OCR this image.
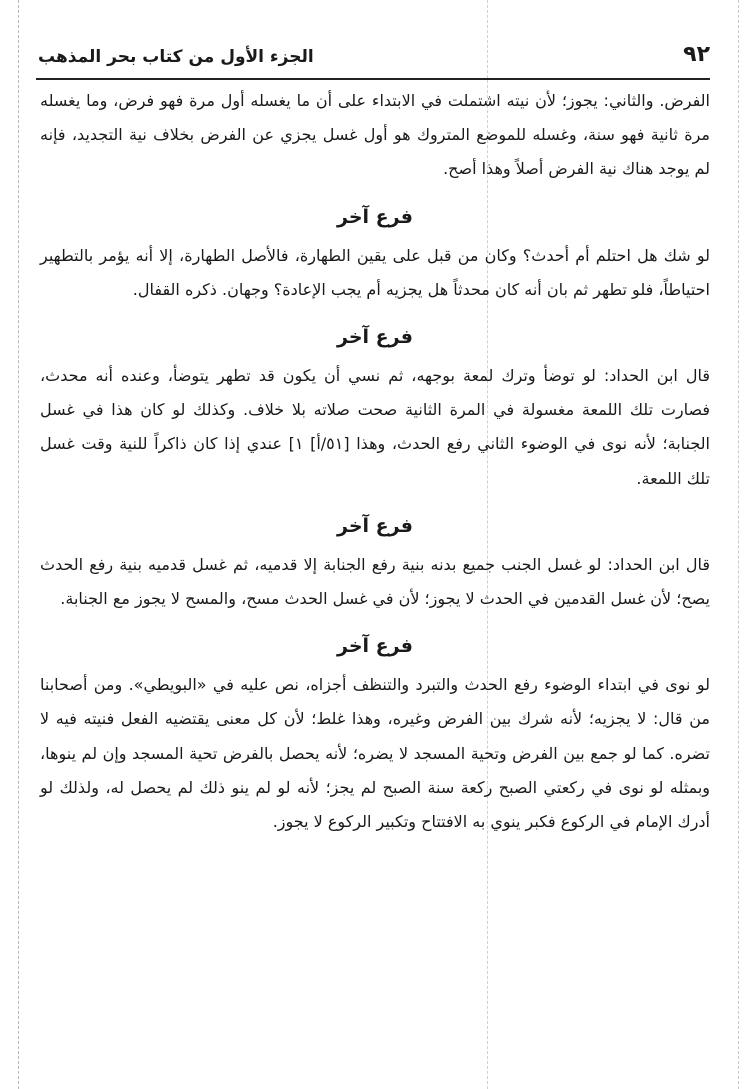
٩٢
الجزء الأول من كتاب بحر المذهب

الفرض. والثاني: يجوز؛ لأن نيته اشتملت في الابتداء على أن ما يغسله أول مرة فهو فرض، وما يغسله مرة ثانية فهو سنة، وغسله للموضع المتروك هو أول غسل يجزي عن الفرض بخلاف نية التجديد، فإنه لم يوجد هناك نية الفرض أصلاً وهذا أصح.

فرع آخر

لو شك هل احتلم أم أحدث؟ وكان من قبل على يقين الطهارة، فالأصل الطهارة، إلا أنه يؤمر بالتطهير احتياطاً، فلو تطهر ثم بان أنه كان محدثاً هل يجزيه أم يجب الإعادة؟ وجهان. ذكره القفال.

فرع آخر

قال ابن الحداد: لو توضأ وترك لمعة بوجهه، ثم نسي أن يكون قد تطهر يتوضأ، وعنده أنه محدث، فصارت تلك اللمعة مغسولة في المرة الثانية صحت صلاته بلا خلاف. وكذلك لو كان هذا في غسل الجنابة؛ لأنه نوى في الوضوء الثاني رفع الحدث، وهذا [٥١/أ] ١] عندي إذا كان ذاكراً للنية وقت غسل تلك اللمعة.

فرع آخر

قال ابن الحداد: لو غسل الجنب جميع بدنه بنية رفع الجنابة إلا قدميه، ثم غسل قدميه بنية رفع الحدث يصح؛ لأن غسل القدمين في الحدث لا يجوز؛ لأن في غسل الحدث مسح، والمسح لا يجوز مع الجنابة.

فرع آخر

لو نوى في ابتداء الوضوء رفع الحدث والتبرد والتنظف أجزاه، نص عليه في «البويطي». ومن أصحابنا من قال: لا يجزيه؛ لأنه شرك بين الفرض وغيره، وهذا غلط؛ لأن كل معنى يقتضيه الفعل فنيته فيه لا تضره. كما لو جمع بين الفرض وتحية المسجد لا يضره؛ لأنه يحصل بالفرض تحية المسجد وإن لم ينوها، وبمثله لو نوى في ركعتي الصبح ركعة سنة الصبح لم يجز؛ لأنه لو لم ينو ذلك لم يحصل له، ولذلك لو أدرك الإمام في الركوع فكبر ينوي به الافتتاح وتكبير الركوع لا يجوز.
